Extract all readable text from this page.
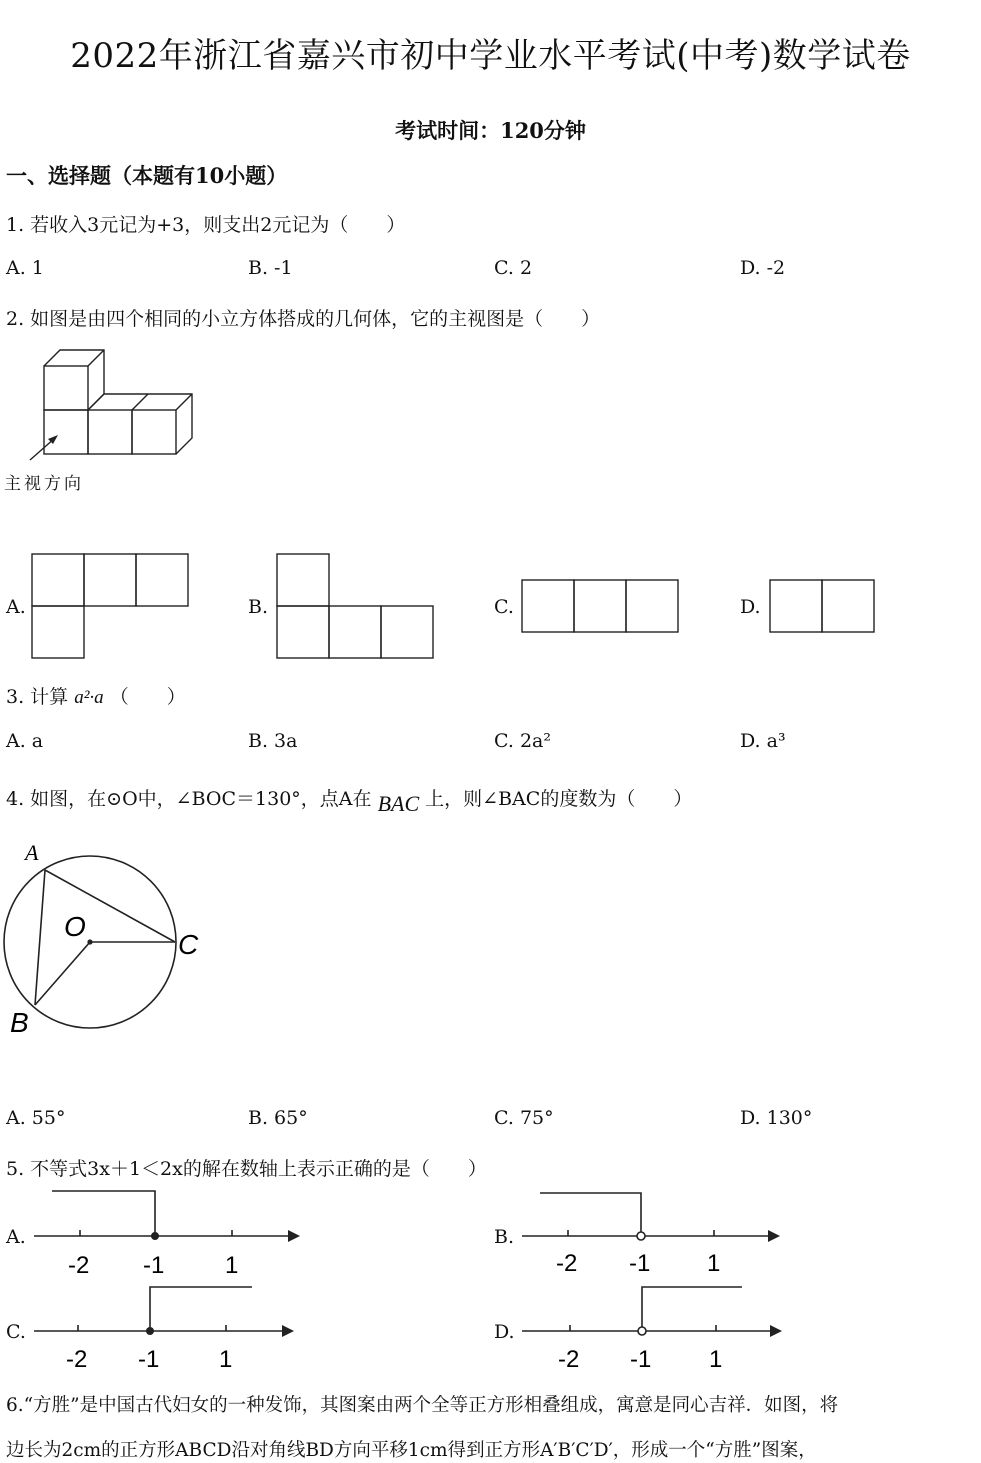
2022年浙江省嘉兴市初中学业水平考试(中考)数学试卷
考试时间：120分钟
一、选择题（本题有10小题）
1. 若收入3元记为+3，则支出2元记为（　　）
A. 1	B. -1	C. 2	D. -2
2. 如图是由四个相同的小立方体搭成的几何体，它的主视图是（　　）
主视方向
A.	B.	C.	D.
3. 计算 a²·a （　　）
A. a	B. 3a	C. 2a²	D. a³
4. 如图，在⊙O中，∠BOC＝130°，点A在 BAC 上，则∠BAC的度数为（　　）
A
O
C
B
A. 55°	B. 65°	C. 75°	D. 130°
5. 不等式3x＋1＜2x的解在数轴上表示正确的是（　　）
A.
-2 -1	1
B.
-2 -1 1
C.
-2 -1 1
D.
-2 -1 1
6.“方胜”是中国古代妇女的一种发饰，其图案由两个全等正方形相叠组成，寓意是同心吉祥．如图，将
边长为2cm的正方形ABCD沿对角线BD方向平移1cm得到正方形A′B′C′D′，形成一个“方胜”图案，
